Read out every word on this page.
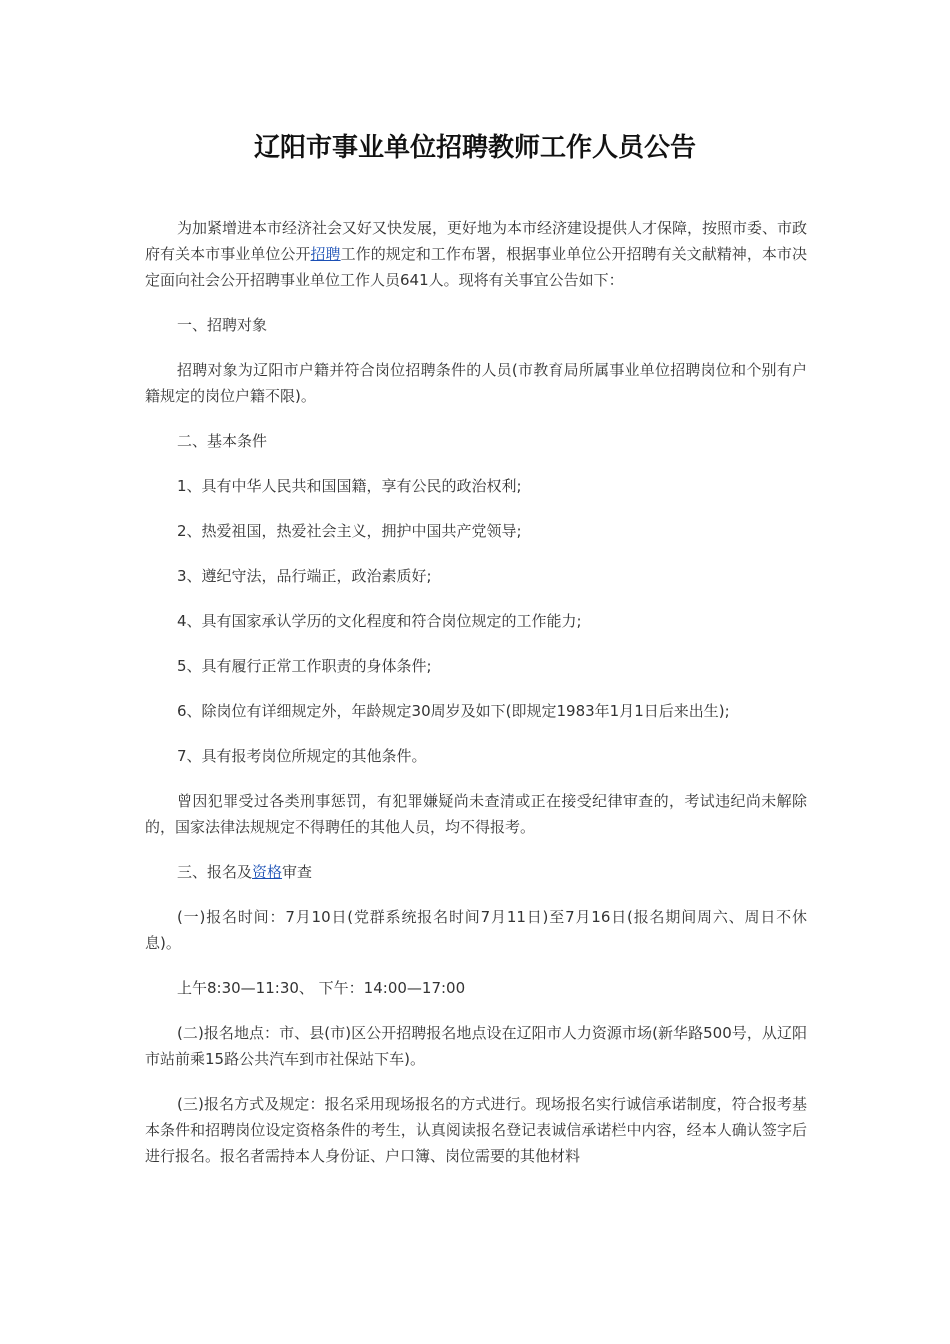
辽阳市事业单位招聘教师工作人员公告

为加紧增进本市经济社会又好又快发展，更好地为本市经济建设提供人才保障，按照市委、市政府有关本市事业单位公开招聘工作的规定和工作布署，根据事业单位公开招聘有关文献精神，本市决定面向社会公开招聘事业单位工作人员641人。现将有关事宜公告如下：

一、招聘对象

招聘对象为辽阳市户籍并符合岗位招聘条件的人员(市教育局所属事业单位招聘岗位和个别有户籍规定的岗位户籍不限)。

二、基本条件

1、具有中华人民共和国国籍，享有公民的政治权利;

2、热爱祖国，热爱社会主义，拥护中国共产党领导;

3、遵纪守法，品行端正，政治素质好;

4、具有国家承认学历的文化程度和符合岗位规定的工作能力;

5、具有履行正常工作职责的身体条件;

6、除岗位有详细规定外，年龄规定30周岁及如下(即规定1983年1月1日后来出生);

7、具有报考岗位所规定的其他条件。

曾因犯罪受过各类刑事惩罚，有犯罪嫌疑尚未查清或正在接受纪律审查的，考试违纪尚未解除的，国家法律法规规定不得聘任的其他人员，均不得报考。

三、报名及资格审查

(一)报名时间：7月10日(党群系统报名时间7月11日)至7月16日(报名期间周六、周日不休息)。

上午8:30—11:30、 下午：14:00—17:00

(二)报名地点：市、县(市)区公开招聘报名地点设在辽阳市人力资源市场(新华路500号，从辽阳市站前乘15路公共汽车到市社保站下车)。

(三)报名方式及规定：报名采用现场报名的方式进行。现场报名实行诚信承诺制度，符合报考基本条件和招聘岗位设定资格条件的考生，认真阅读报名登记表诚信承诺栏中内容，经本人确认签字后进行报名。报名者需持本人身份证、户口簿、岗位需要的其他材料
